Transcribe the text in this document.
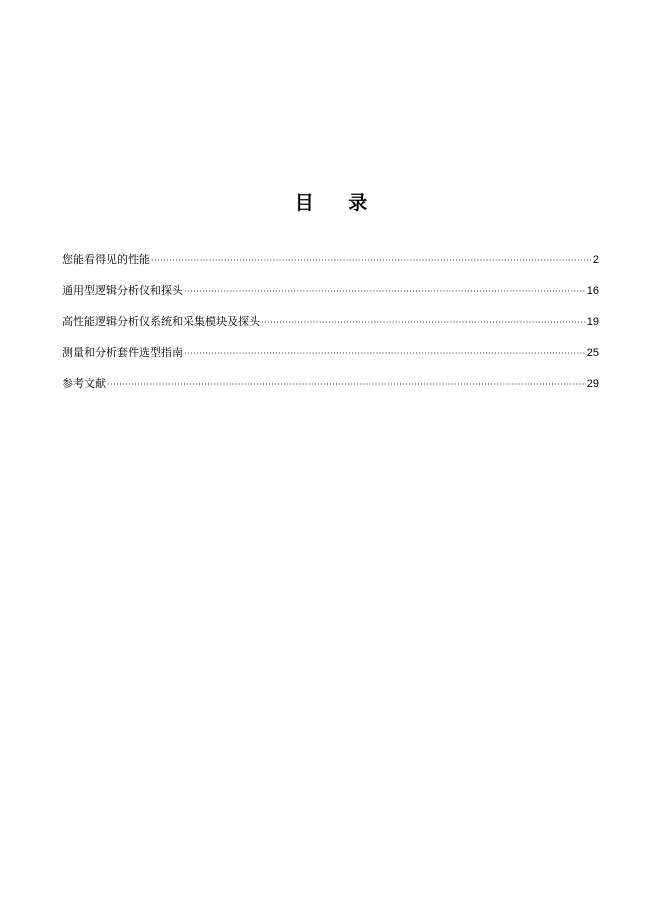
目 录
您能看得见的性能 ·····	2
通用型逻辑分析仪和探头 ·····	16
高性能逻辑分析仪系统和采集模块及探头 ·····	19
测量和分析套件选型指南 ·····	25
参考文献 ·····	29
